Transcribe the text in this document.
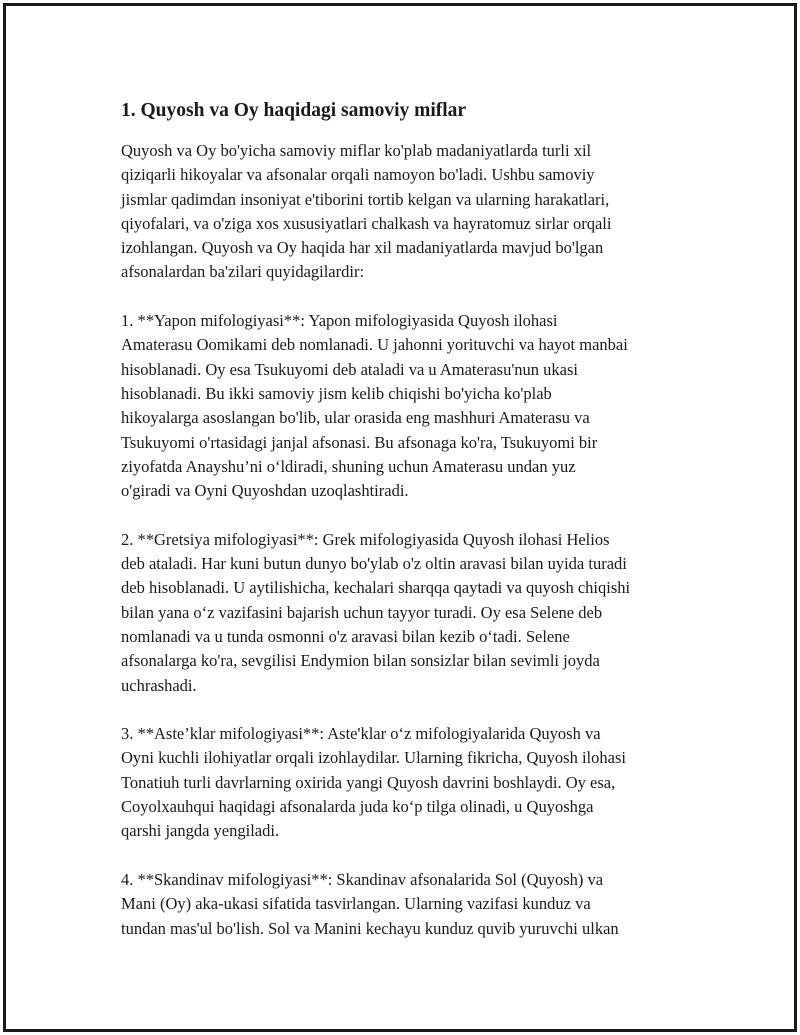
1. Quyosh va Oy haqidagi samoviy miflar

Quyosh va Oy bo'yicha samoviy miflar ko'plab madaniyatlarda turli xil
qiziqarli hikoyalar va afsonalar orqali namoyon bo'ladi. Ushbu samoviy
jismlar qadimdan insoniyat e'tiborini tortib kelgan va ularning harakatlari,
qiyofalari, va o'ziga xos xususiyatlari chalkash va hayratomuz sirlar orqali
izohlangan. Quyosh va Oy haqida har xil madaniyatlarda mavjud bo'lgan
afsonalardan ba'zilari quyidagilardir:

1. **Yapon mifologiyasi**: Yapon mifologiyasida Quyosh ilohasi
Amaterasu Oomikami deb nomlanadi. U jahonni yorituvchi va hayot manbai
hisoblanadi. Oy esa Tsukuyomi deb ataladi va u Amaterasu'nun ukasi
hisoblanadi. Bu ikki samoviy jism kelib chiqishi bo'yicha ko'plab
hikoyalarga asoslangan bo'lib, ular orasida eng mashhuri Amaterasu va
Tsukuyomi o'rtasidagi janjal afsonasi. Bu afsonaga ko'ra, Tsukuyomi bir
ziyofatda Anayshu’ni oʻldiradi, shuning uchun Amaterasu undan yuz
o'giradi va Oyni Quyoshdan uzoqlashtiradi.

2. **Gretsiya mifologiyasi**: Grek mifologiyasida Quyosh ilohasi Helios
deb ataladi. Har kuni butun dunyo bo'ylab o'z oltin aravasi bilan uyida turadi
deb hisoblanadi. U aytilishicha, kechalari sharqqa qaytadi va quyosh chiqishi
bilan yana oʻz vazifasini bajarish uchun tayyor turadi. Oy esa Selene deb
nomlanadi va u tunda osmonni o'z aravasi bilan kezib oʻtadi. Selene
afsonalarga ko'ra, sevgilisi Endymion bilan sonsizlar bilan sevimli joyda
uchrashadi.

3. **Aste’klar mifologiyasi**: Aste'klar oʻz mifologiyalarida Quyosh va
Oyni kuchli ilohiyatlar orqali izohlaydilar. Ularning fikricha, Quyosh ilohasi
Tonatiuh turli davrlarning oxirida yangi Quyosh davrini boshlaydi. Oy esa,
Coyolxauhqui haqidagi afsonalarda juda koʻp tilga olinadi, u Quyoshga
qarshi jangda yengiladi.

4. **Skandinav mifologiyasi**: Skandinav afsonalarida Sol (Quyosh) va
Mani (Oy) aka-ukasi sifatida tasvirlangan. Ularning vazifasi kunduz va
tundan mas'ul bo'lish. Sol va Manini kechayu kunduz quvib yuruvchi ulkan
